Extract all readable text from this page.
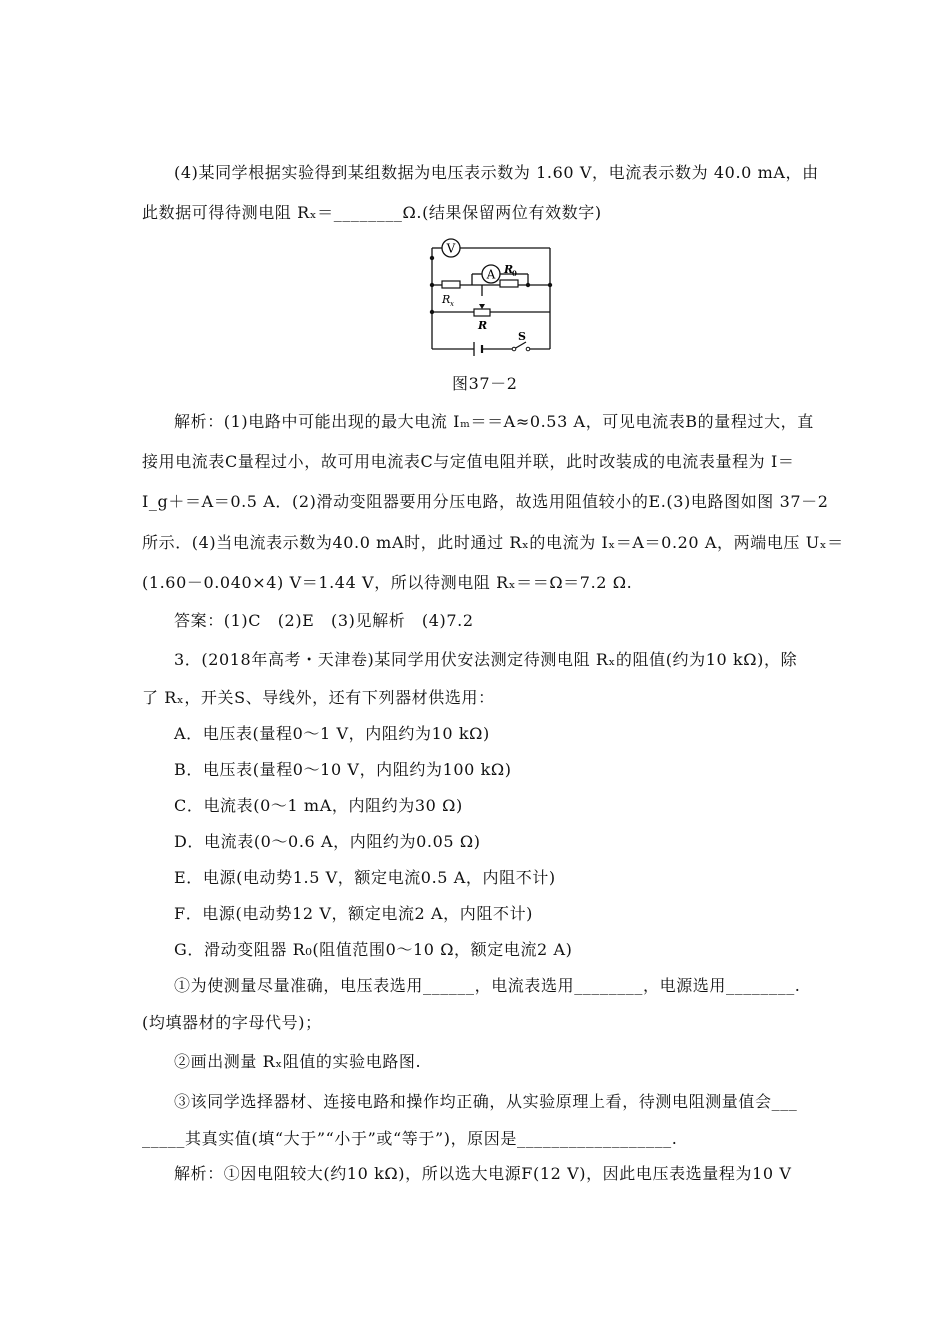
(4)某同学根据实验得到某组数据为电压表示数为 1.60 V，电流表示数为 40.0 mA，由
此数据可得待测电阻 Rₓ＝________Ω.(结果保留两位有效数字)
V
A R
0
R x
R
S
图37－2
解析：(1)电路中可能出现的最大电流 Iₘ＝＝A≈0.53 A，可见电流表B的量程过大，直
接用电流表C量程过小，故可用电流表C与定值电阻并联，此时改装成的电流表量程为 I＝
I_g＋＝A＝0.5 A．(2)滑动变阻器要用分压电路，故选用阻值较小的E.(3)电路图如图 37－2
所示．(4)当电流表示数为40.0 mA时，此时通过 Rₓ的电流为 Iₓ＝A＝0.20 A，两端电压 Uₓ＝
(1.60－0.040×4) V＝1.44 V，所以待测电阻 Rₓ＝＝Ω＝7.2 Ω.
答案：(1)C　(2)E　(3)见解析　(4)7.2
3．(2018年高考・天津卷)某同学用伏安法测定待测电阻 Rₓ的阻值(约为10 kΩ)，除
了 Rₓ，开关S、导线外，还有下列器材供选用：
A．电压表(量程0～1 V，内阻约为10 kΩ)
B．电压表(量程0～10 V，内阻约为100 kΩ)
C．电流表(0～1 mA，内阻约为30 Ω)
D．电流表(0～0.6 A，内阻约为0.05 Ω)
E．电源(电动势1.5 V，额定电流0.5 A，内阻不计)
F．电源(电动势12 V，额定电流2 A，内阻不计)
G．滑动变阻器 R₀(阻值范围0～10 Ω，额定电流2 A)
①为使测量尽量准确，电压表选用______，电流表选用________，电源选用________.
(均填器材的字母代号)；
②画出测量 Rₓ阻值的实验电路图.
③该同学选择器材、连接电路和操作均正确，从实验原理上看，待测电阻测量值会___
_____其真实值(填“大于”“小于”或“等于”)，原因是__________________.
解析：①因电阻较大(约10 kΩ)，所以选大电源F(12 V)，因此电压表选量程为10 V
